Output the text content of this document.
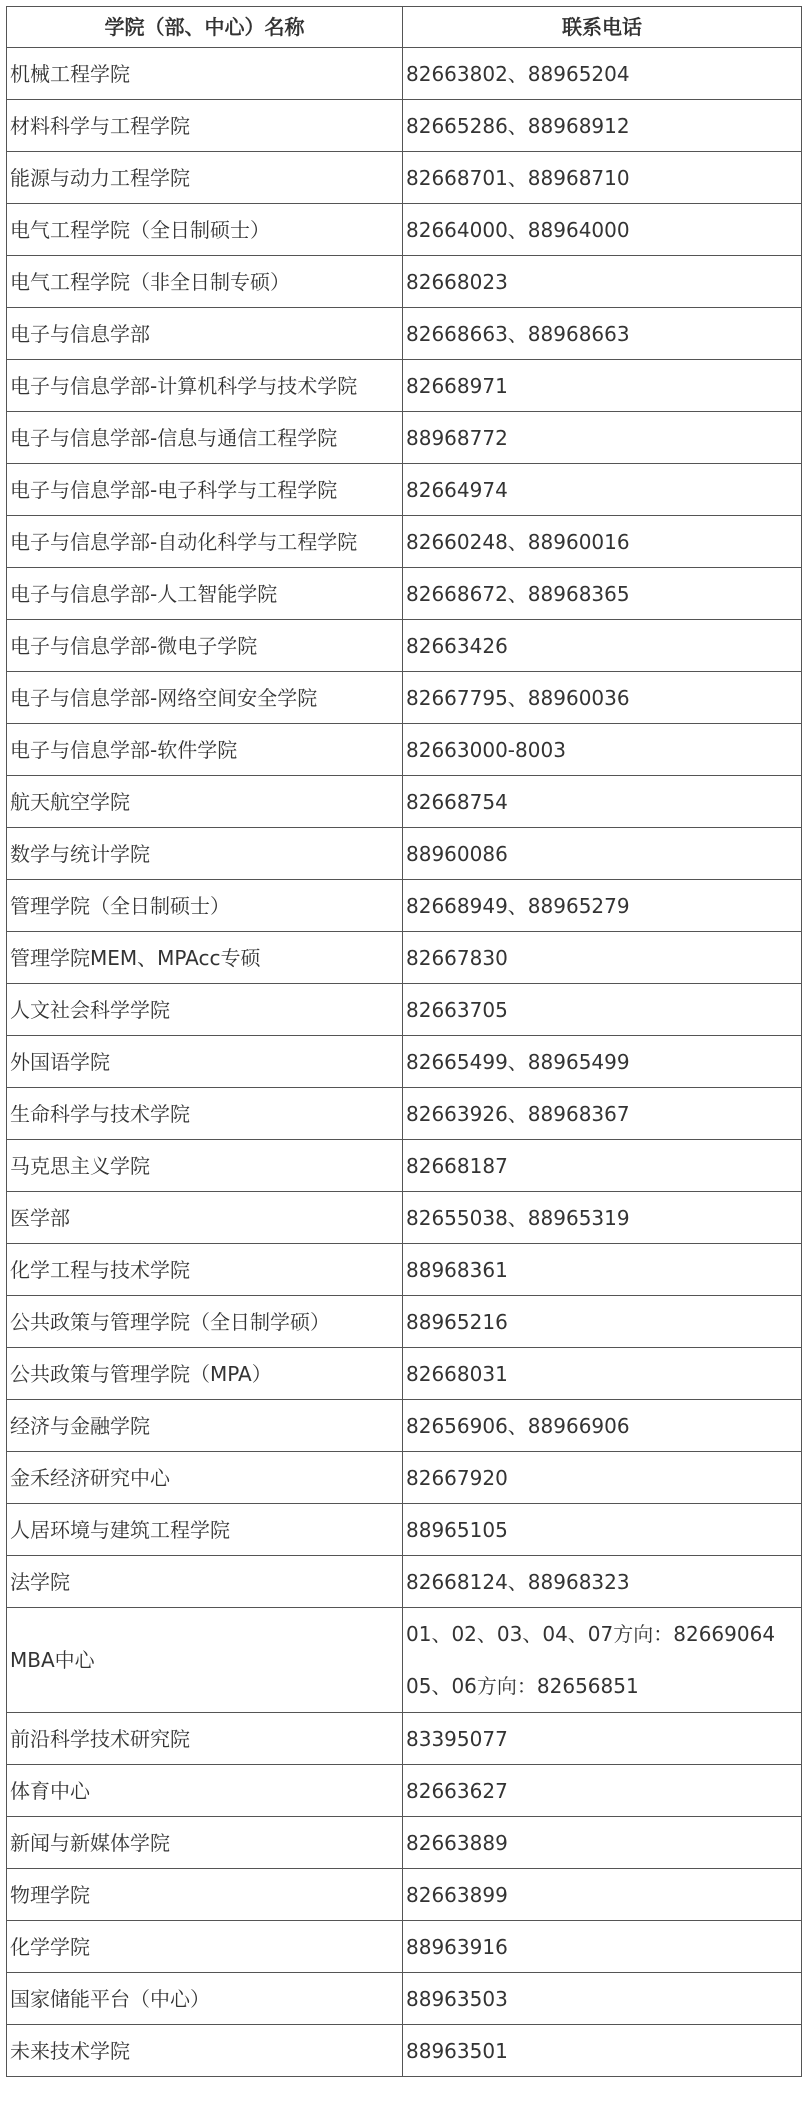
学院（部、中心）名称	联系电话
机械工程学院	82663802、88965204
材料科学与工程学院	82665286、88968912
能源与动力工程学院	82668701、88968710
电气工程学院（全日制硕士）	82664000、88964000
电气工程学院（非全日制专硕）	82668023
电子与信息学部	82668663、88968663
电子与信息学部-计算机科学与技术学院	82668971
电子与信息学部-信息与通信工程学院	88968772
电子与信息学部-电子科学与工程学院	82664974
电子与信息学部-自动化科学与工程学院	82660248、88960016
电子与信息学部-人工智能学院	82668672、88968365
电子与信息学部-微电子学院	82663426
电子与信息学部-网络空间安全学院	82667795、88960036
电子与信息学部-软件学院	82663000-8003
航天航空学院	82668754
数学与统计学院	88960086
管理学院（全日制硕士）	82668949、88965279
管理学院MEM、MPAcc专硕	82667830
人文社会科学学院	82663705
外国语学院	82665499、88965499
生命科学与技术学院	82663926、88968367
马克思主义学院	82668187
医学部	82655038、88965319
化学工程与技术学院	88968361
公共政策与管理学院（全日制学硕）	88965216
公共政策与管理学院（MPA）	82668031
经济与金融学院	82656906、88966906
金禾经济研究中心	82667920
人居环境与建筑工程学院	88965105
法学院	82668124、88968323
MBA中心	01、02、03、04、07方向：82669064
05、06方向：82656851

前沿科学技术研究院	83395077
体育中心	82663627
新闻与新媒体学院	82663889
物理学院	82663899
化学学院	88963916
国家储能平台（中心）	88963503
未来技术学院	88963501
